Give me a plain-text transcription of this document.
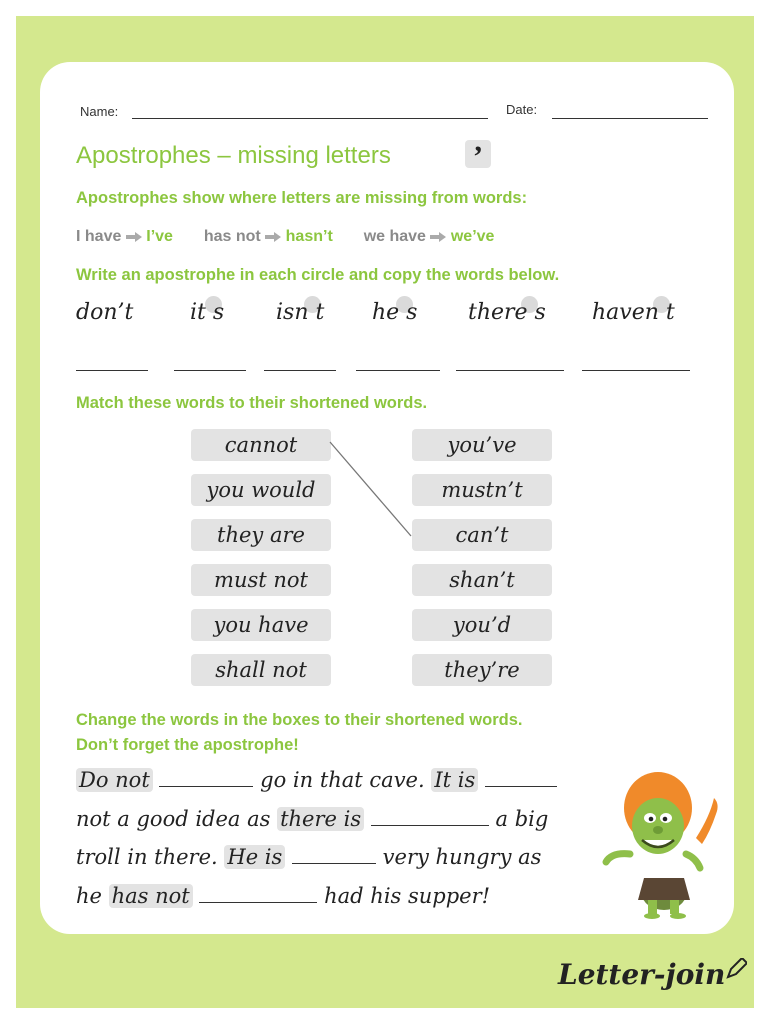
Name:	Date:
Apostrophes – missing letters	’
Apostrophes show where letters are missing from words:
I have I’ve has not hasn’t we have we’ve
Write an apostrophe in each circle and copy the words below.
don’t	it s isn t he s there s haven t
Match these words to their shortened words.
cannot
you would
they are
must not
you have
shall not
you’ve
mustn’t
can’t
shan’t
you’d
they’re
Change the words in the boxes to their shortened words.
Don’t forget the apostrophe!
Do not	go in that cave. It is
not a good idea as there is	a big
troll in there. He is	very hungry as
he has not	had his supper!
Letter-join
